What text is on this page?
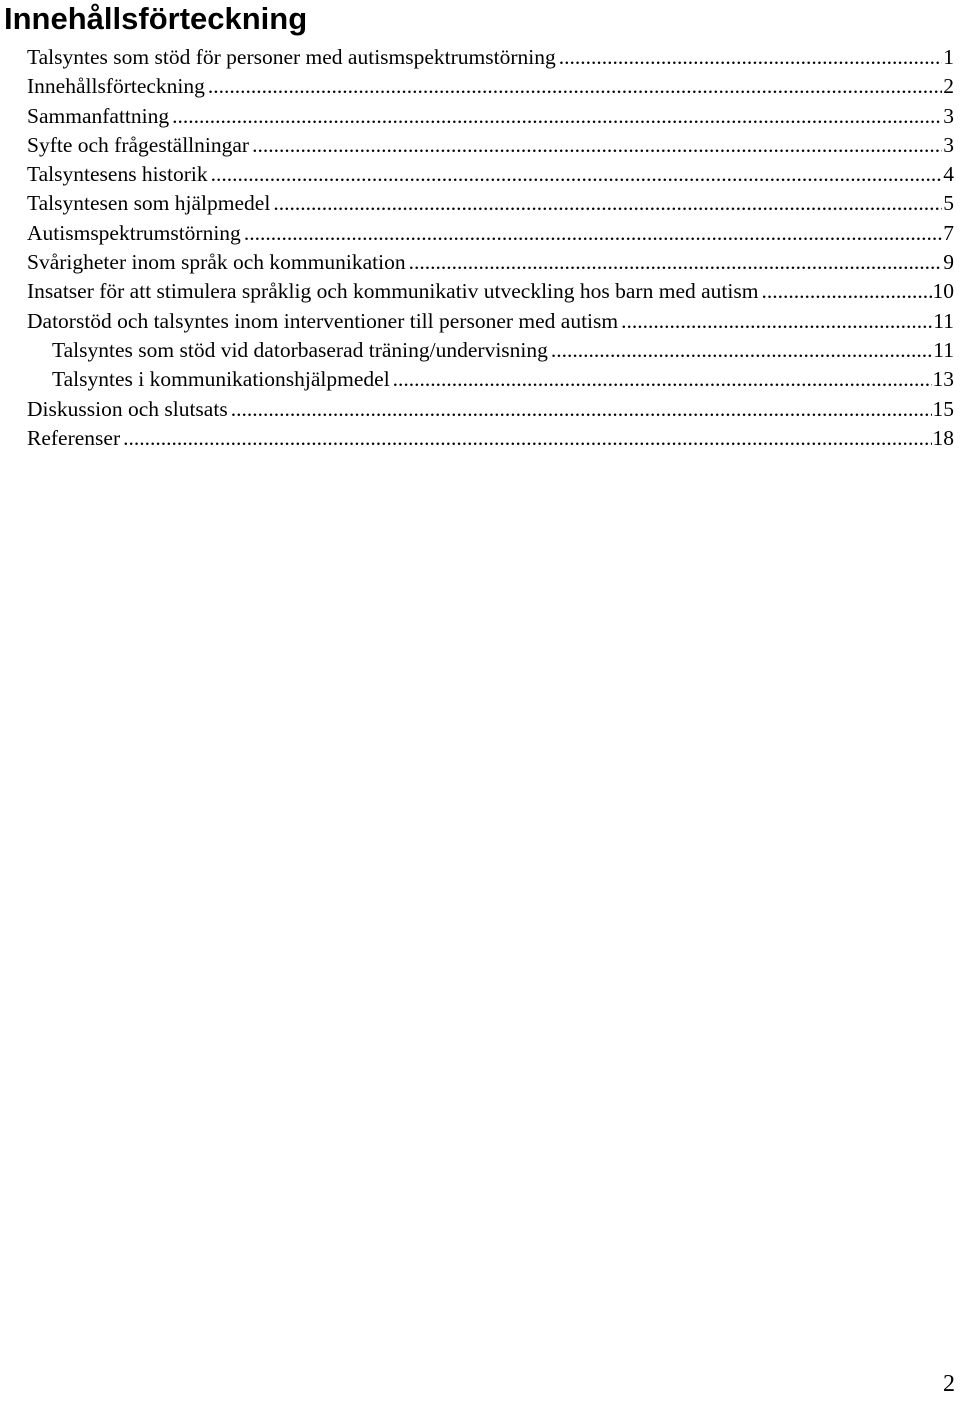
Innehållsförteckning
Talsyntes som stöd för personer med autismspektrumstörning .....	1
Innehållsförteckning .....	2
Sammanfattning .....	3
Syfte och frågeställningar .....	3
Talsyntesens historik .....	4
Talsyntesen som hjälpmedel .....	5
Autismspektrumstörning .....	7
Svårigheter inom språk och kommunikation .....	9
Insatser för att stimulera språklig och kommunikativ utveckling hos barn med autism .....	10
Datorstöd och talsyntes inom interventioner till personer med autism .....	11
Talsyntes som stöd vid datorbaserad träning/undervisning .....	11
Talsyntes i kommunikationshjälpmedel .....	13
Diskussion och slutsats .....	15
Referenser .....	18
2
